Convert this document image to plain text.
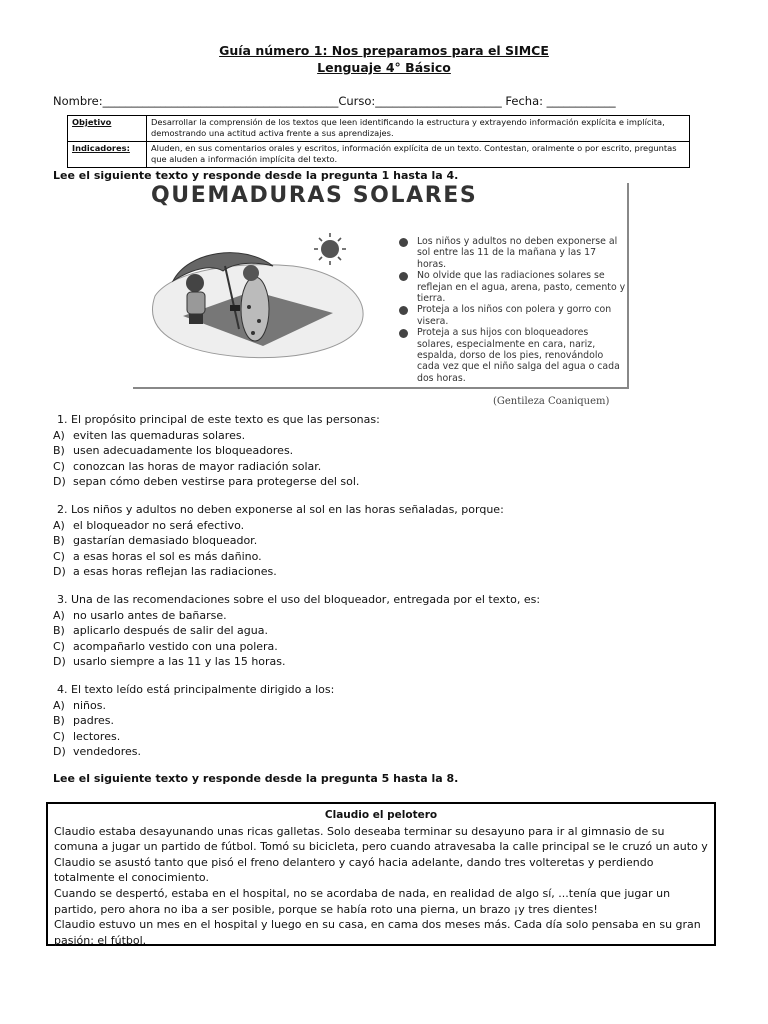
Guía número 1: Nos preparamos para el SIMCE
Lenguaje 4° Básico
Nombre:_________________________________________Curso:______________________ Fecha: ____________
Objetivo	Desarrollar la comprensión de los textos que leen identificando la estructura y extrayendo información explícita e implícita, demostrando una actitud activa frente a sus aprendizajes.
Indicadores:	Aluden, en sus comentarios orales y escritos, información explícita de un texto. Contestan, oralmente o por escrito, preguntas que aluden a información implícita del texto.
Lee el siguiente texto y responde desde la pregunta 1 hasta la 4.
QUEMADURAS SOLARES
Los niños y adultos no deben exponerse al sol entre las 11 de la mañana y las 17 horas.
No olvide que las radiaciones solares se reflejan en el agua, arena, pasto, cemento y tierra.
Proteja a los niños con polera y gorro con visera.
Proteja a sus hijos con bloqueadores solares, especialmente en cara, nariz, espalda, dorso de los pies, renovándolo cada vez que el niño salga del agua o cada dos horas.
(Gentileza Coaniquem)
1. El propósito principal de este texto es que las personas:
A) eviten las quemaduras solares.
B) usen adecuadamente los bloqueadores.
C) conozcan las horas de mayor radiación solar.
D) sepan cómo deben vestirse para protegerse del sol.
2. Los niños y adultos no deben exponerse al sol en las horas señaladas, porque:
A) el bloqueador no será efectivo.
B) gastarían demasiado bloqueador.
C) a esas horas el sol es más dañino.
D) a esas horas reflejan las radiaciones.
3. Una de las recomendaciones sobre el uso del bloqueador, entregada por el texto, es:
A) no usarlo antes de bañarse.
B) aplicarlo después de salir del agua.
C) acompañarlo vestido con una polera.
D) usarlo siempre a las 11 y las 15 horas.
4. El texto leído está principalmente dirigido a los:
A) niños.
B) padres.
C) lectores.
D) vendedores.
Lee el siguiente texto y responde desde la pregunta 5 hasta la 8.
Claudio el pelotero

Claudio estaba desayunando unas ricas galletas. Solo deseaba terminar su desayuno para ir al gimnasio de su comuna a jugar un partido de fútbol. Tomó su bicicleta, pero cuando atravesaba la calle principal se le cruzó un auto y Claudio se asustó tanto que pisó el freno delantero y cayó hacia adelante, dando tres volteretas y perdiendo totalmente el conocimiento.

Cuando se despertó, estaba en el hospital, no se acordaba de nada, en realidad de algo sí, ...tenía que jugar un partido, pero ahora no iba a ser posible, porque se había roto una pierna, un brazo ¡y tres dientes!

Claudio estuvo un mes en el hospital y luego en su casa, en cama dos meses más. Cada día solo pensaba en su gran pasión: el fútbol.
